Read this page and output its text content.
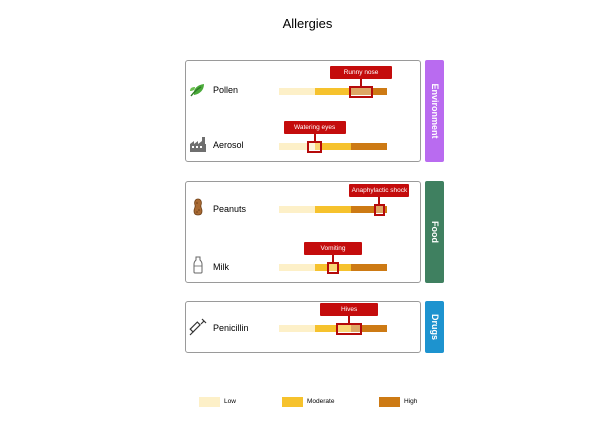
Allergies
Environment
Food
Drugs
Pollen
Aerosol
Peanuts
Milk
Penicillin
Low	Moderate	High
Runny nose
Watering eyes
Anaphylactic shock
Vomiting
Hives
